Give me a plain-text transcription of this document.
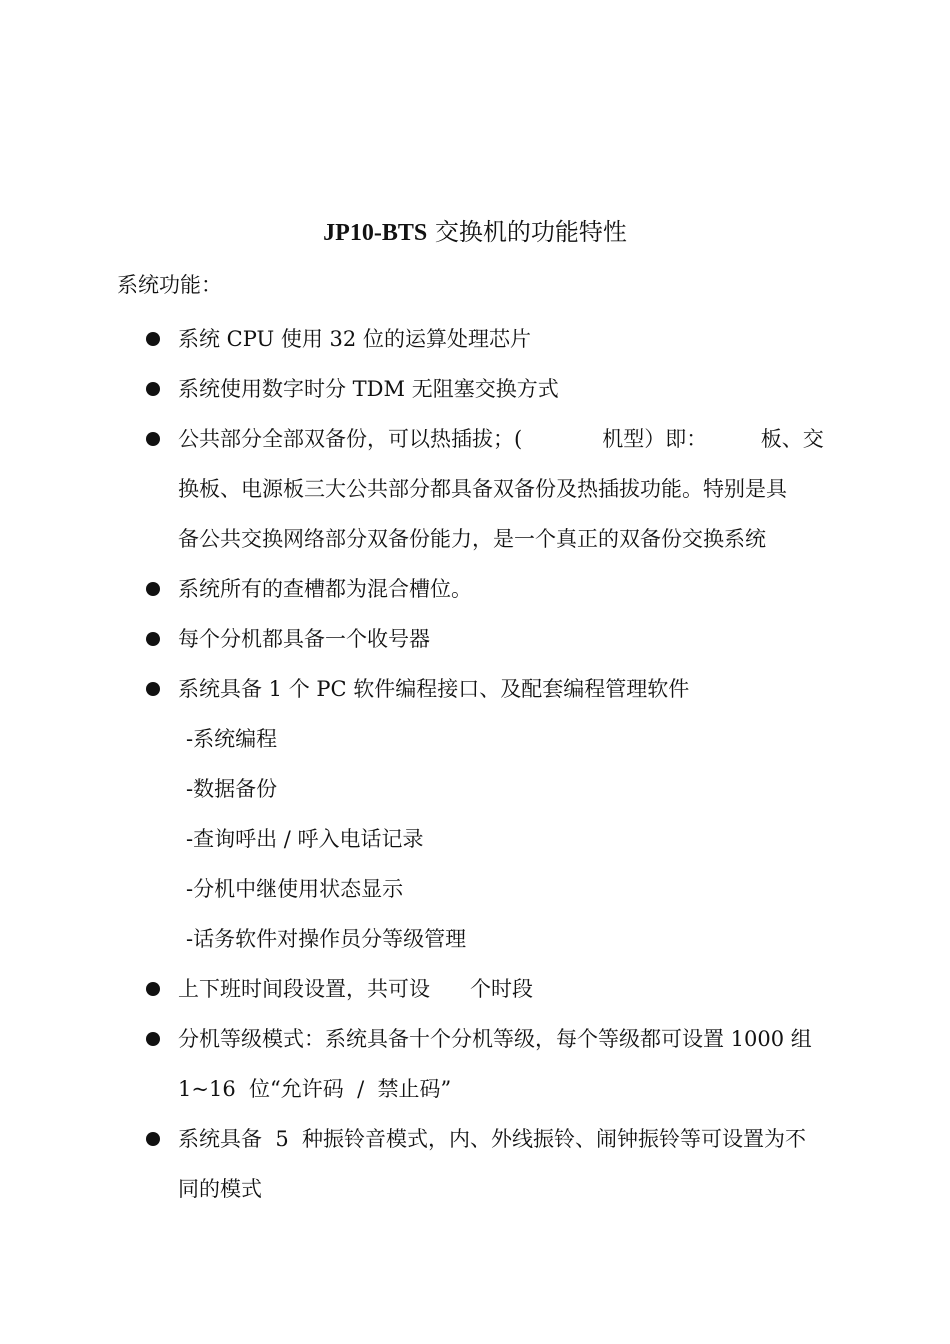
JP10-BTS 交换机的功能特性

系统功能：

系统 CPU 使用 32 位的运算处理芯片
系统使用数字时分 TDM 无阻塞交换方式
公共部分全部双备份，可以热插拔；(            机型）即：        板、交
换板、电源板三大公共部分都具备双备份及热插拔功能。特别是具
备公共交换网络部分双备份能力，是一个真正的双备份交换系统
系统所有的查槽都为混合槽位。
每个分机都具备一个收号器
系统具备 1 个 PC 软件编程接口、及配套编程管理软件
-系统编程
-数据备份
-查询呼出 / 呼入电话记录
-分机中继使用状态显示
-话务软件对操作员分等级管理
上下班时间段设置，共可设      个时段
分机等级模式：系统具备十个分机等级，每个等级都可设置 1000 组
1~16  位“允许码  /  禁止码”
系统具备  5  种振铃音模式，内、外线振铃、闹钟振铃等可设置为不
同的模式
